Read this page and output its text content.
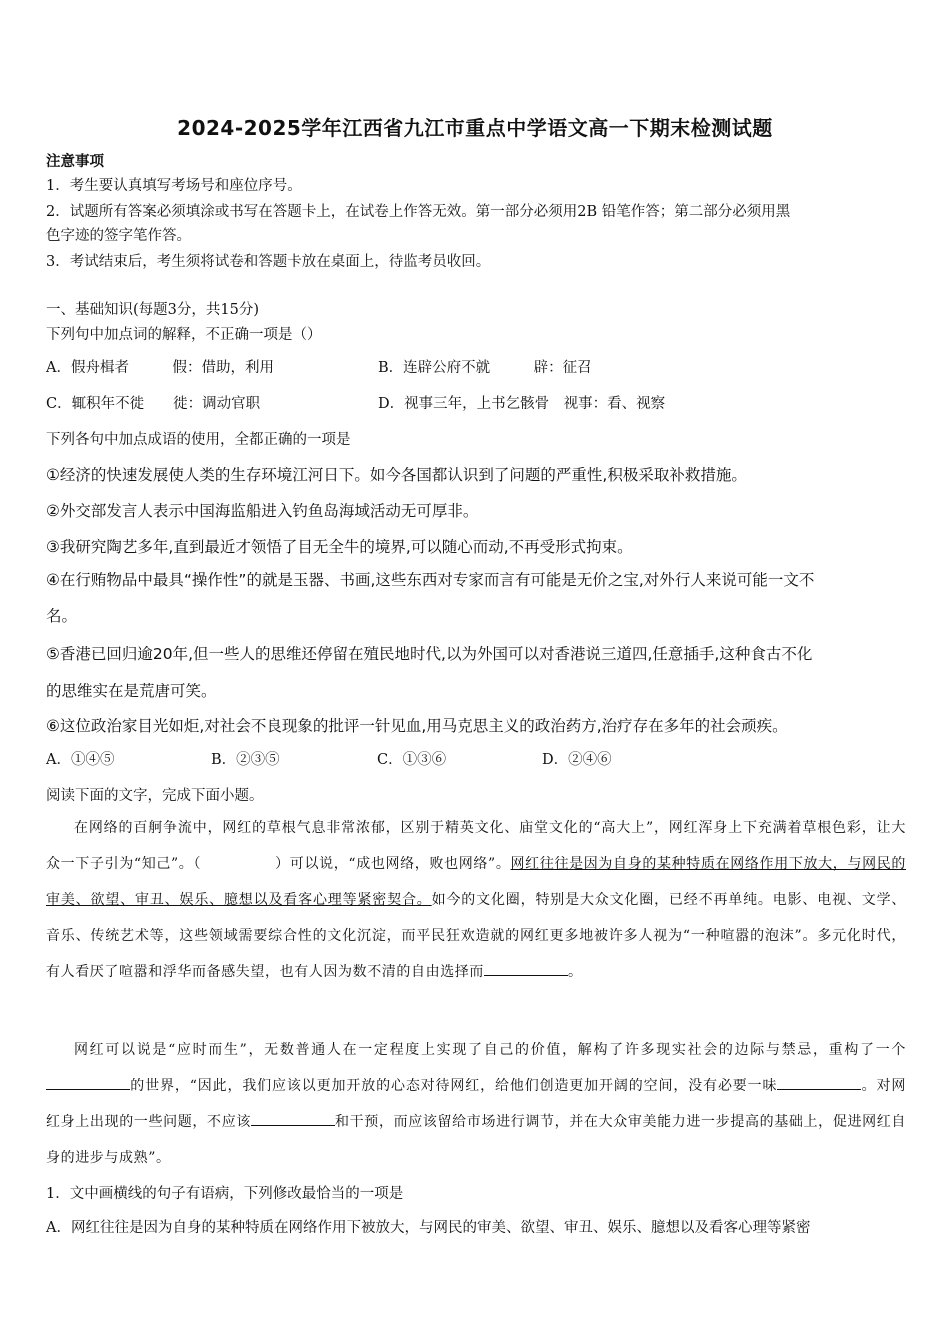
2024-2025学年江西省九江市重点中学语文高一下期末检测试题
注意事项
1．考生要认真填写考场号和座位序号。
2．试题所有答案必须填涂或书写在答题卡上，在试卷上作答无效。第一部分必须用2B 铅笔作答；第二部分必须用黑
色字迹的签字笔作答。
3．考试结束后，考生须将试卷和答题卡放在桌面上，待监考员收回。
一、基础知识(每题3分，共15分)
下列句中加点词的解释，不正确一项是（）
A．假舟楫者　　　假：借助，利用	B．连辟公府不就　　　辟：征召
C．辄积年不徙　　徙：调动官职	D．视事三年，上书乞骸骨　视事：看、视察
下列各句中加点成语的使用，全都正确的一项是
①经济的快速发展使人类的生存环境江河日下。如今各国都认识到了问题的严重性,积极采取补救措施。
②外交部发言人表示中国海监船进入钓鱼岛海域活动无可厚非。
③我研究陶艺多年,直到最近才领悟了目无全牛的境界,可以随心而动,不再受形式拘束。
④在行贿物品中最具“操作性”的就是玉器、书画,这些东西对专家而言有可能是无价之宝,对外行人来说可能一文不
名。
⑤香港已回归逾20年,但一些人的思维还停留在殖民地时代,以为外国可以对香港说三道四,任意插手,这种食古不化
的思维实在是荒唐可笑。
⑥这位政治家目光如炬,对社会不良现象的批评一针见血,用马克思主义的政治药方,治疗存在多年的社会顽疾。
A．①④⑤	B．②③⑤	C．①③⑥	D．②④⑥
阅读下面的文字，完成下面小题。
在网络的百舸争流中，网红的草根气息非常浓郁，区别于精英文化、庙堂文化的“高大上”，网红浑身上下充满着草根色彩，让大众一下子引为“知己”。（	）可以说，“成也网络，败也网络”。网红往往是因为自身的某种特质在网络作用下放大，与网民的审美、欲望、审丑、娱乐、臆想以及看客心理等紧密契合。如今的文化圈，特别是大众文化圈，已经不再单纯。电影、电视、文学、音乐、传统艺术等，这些领域需要综合性的文化沉淀，而平民狂欢造就的网红更多地被许多人视为“一种喧嚣的泡沫”。多元化时代，有人看厌了喧嚣和浮华而备感失望，也有人因为数不清的自由选择而	。
网红可以说是“应时而生”，无数普通人在一定程度上实现了自己的价值，解构了许多现实社会的边际与禁忌，重构了一个的世界，“因此，我们应该以更加开放的心态对待网红，给他们创造更加开阔的空间，没有必要一味	。对网红身上出现的一些问题，不应该	和干预，而应该留给市场进行调节，并在大众审美能力进一步提高的基础上，促进网红自身的进步与成熟”。
1．文中画横线的句子有语病，下列修改最恰当的一项是
A．网红往往是因为自身的某种特质在网络作用下被放大，与网民的审美、欲望、审丑、娱乐、臆想以及看客心理等紧密
